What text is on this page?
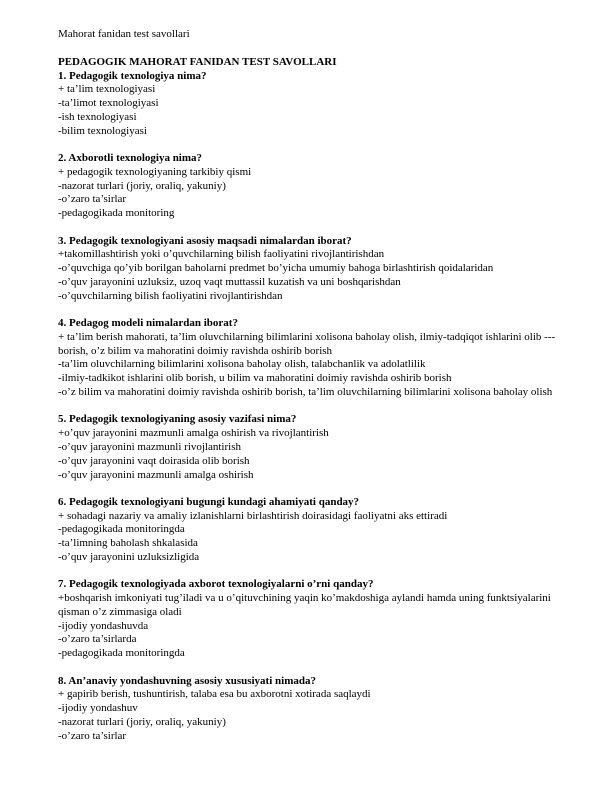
Mahorat fanidan test savollari

PEDAGOGIK MAHORAT FANIDAN TEST SAVOLLARI

1. Pedagogik texnologiya nima?

+ ta’lim texnologiyasi

-ta’limot texnologiyasi

-ish texnologiyasi

-bilim texnologiyasi

2. Axborotli texnologiya nima?

+ pedagogik texnologiyaning tarkibiy qismi

-nazorat turlari (joriy, oraliq, yakuniy)

-o’zaro ta’sirlar

-pedagogikada monitoring

3. Pedagogik texnologiyani asosiy maqsadi nimalardan iborat?

+takomillashtirish yoki o’quvchilarning bilish faoliyatini rivojlantirishdan

-o’quvchiga qo’yib borilgan baholarni predmet bo’yicha umumiy bahoga birlashtirish qoidalaridan

-o’quv jarayonini uzluksiz, uzoq vaqt muttassil kuzatish va uni boshqarishdan

-o’quvchilarning bilish faoliyatini rivojlantirishdan

4. Pedagog modeli nimalardan iborat?

+ ta’lim berish mahorati, ta’lim oluvchilarning bilimlarini xolisona baholay olish, ilmiy-tadqiqot ishlarini olib ---borish, o’z bilim va mahoratini doimiy ravishda oshirib borish

-ta’lim oluvchilarning bilimlarini xolisona baholay olish, talabchanlik va adolatlilik

-ilmiy-tadkikot ishlarini olib borish, u bilim va mahoratini doimiy ravishda oshirib borish

-o’z bilim va mahoratini doimiy ravishda oshirib borish, ta’lim oluvchilarning bilimlarini xolisona baholay olish

5. Pedagogik texnologiyaning asosiy vazifasi nima?

+o’quv jarayonini mazmunli amalga oshirish va rivojlantirish

-o’quv jarayonini mazmunli rivojlantirish

-o’quv jarayonini vaqt doirasida olib borish

-o’quv jarayonini mazmunli amalga oshirish

6. Pedagogik texnologiyani bugungi kundagi ahamiyati qanday?

+ sohadagi nazariy va amaliy izlanishlarni birlashtirish doirasidagi faoliyatni aks ettiradi

-pedagogikada monitoringda

-ta’limning baholash shkalasida

-o’quv jarayonini uzluksizligida

7. Pedagogik texnologiyada axborot texnologiyalarni o’rni qanday?

+boshqarish imkoniyati tug’iladi va u o’qituvchining yaqin ko’makdoshiga aylandi hamda uning funktsiyalarini qisman o’z zimmasiga oladi

-ijodiy yondashuvda

-o’zaro ta’sirlarda

-pedagogikada monitoringda

8. An’anaviy yondashuvning asosiy xususiyati nimada?

+ gapirib berish, tushuntirish, talaba esa bu axborotni xotirada saqlaydi

-ijodiy yondashuv

-nazorat turlari (joriy, oraliq, yakuniy)

-o’zaro ta’sirlar
